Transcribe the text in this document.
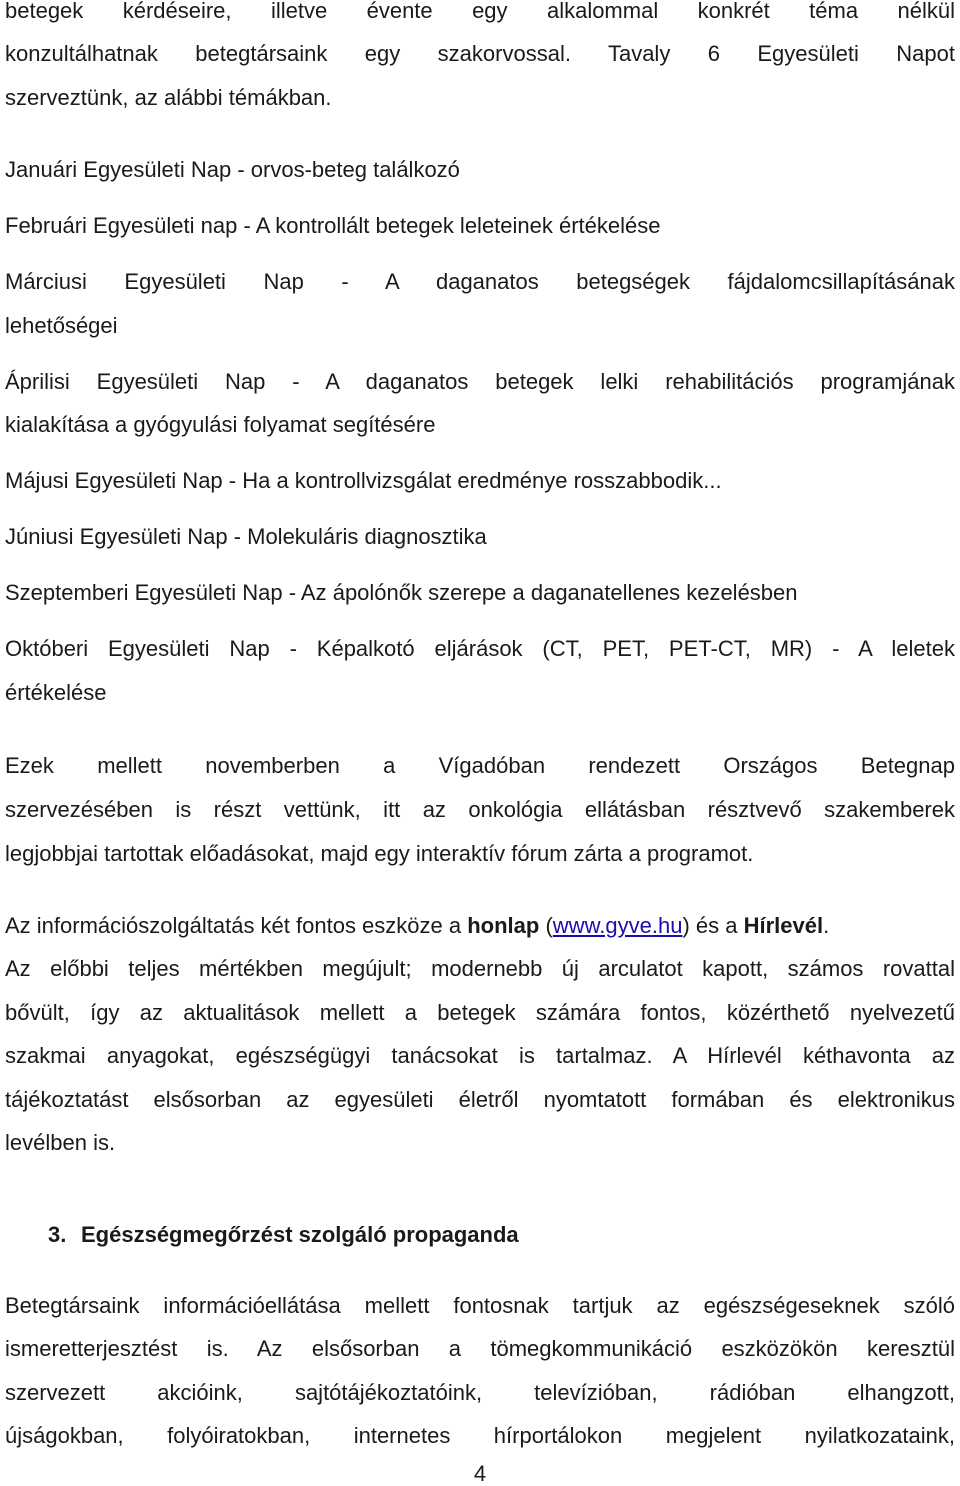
betegek kérdéseire, illetve évente egy alkalommal konkrét téma nélkül
konzultálhatnak betegtársaink egy szakorvossal. Tavaly 6 Egyesületi Napot
szerveztünk, az alábbi témákban.
Januári Egyesületi Nap - orvos-beteg találkozó
Februári Egyesületi nap - A kontrollált betegek leleteinek értékelése
Márciusi Egyesületi Nap - A daganatos betegségek fájdalomcsillapításának
lehetőségei
Áprilisi Egyesületi Nap - A daganatos betegek lelki rehabilitációs programjának
kialakítása a gyógyulási folyamat segítésére
Májusi Egyesületi Nap - Ha a kontrollvizsgálat eredménye rosszabbodik...
Júniusi Egyesületi Nap - Molekuláris diagnosztika
Szeptemberi Egyesületi Nap - Az ápolónők szerepe a daganatellenes kezelésben
Októberi Egyesületi Nap - Képalkotó eljárások (CT, PET, PET-CT, MR) - A leletek
értékelése
Ezek mellett novemberben a Vígadóban rendezett Országos Betegnap
szervezésében is részt vettünk, itt az onkológia ellátásban résztvevő szakemberek
legjobbjai tartottak előadásokat, majd egy interaktív fórum zárta a programot.
Az információszolgáltatás két fontos eszköze a honlap (www.gyve.hu) és a Hírlevél.
Az előbbi teljes mértékben megújult; modernebb új arculatot kapott, számos rovattal
bővült, így az aktualitások mellett a betegek számára fontos, közérthető nyelvezetű
szakmai anyagokat, egészségügyi tanácsokat is tartalmaz. A Hírlevél kéthavonta az
tájékoztatást elsősorban az egyesületi életről nyomtatott formában és elektronikus
levélben is.
3. Egészségmegőrzést szolgáló propaganda
Betegtársaink információellátása mellett fontosnak tartjuk az egészségeseknek szóló
ismeretterjesztést is. Az elsősorban a tömegkommunikáció eszközökön keresztül
szervezett akcióink, sajtótájékoztatóink, televízióban, rádióban elhangzott,
újságokban, folyóiratokban, internetes hírportálokon megjelent nyilatkozataink,
4
